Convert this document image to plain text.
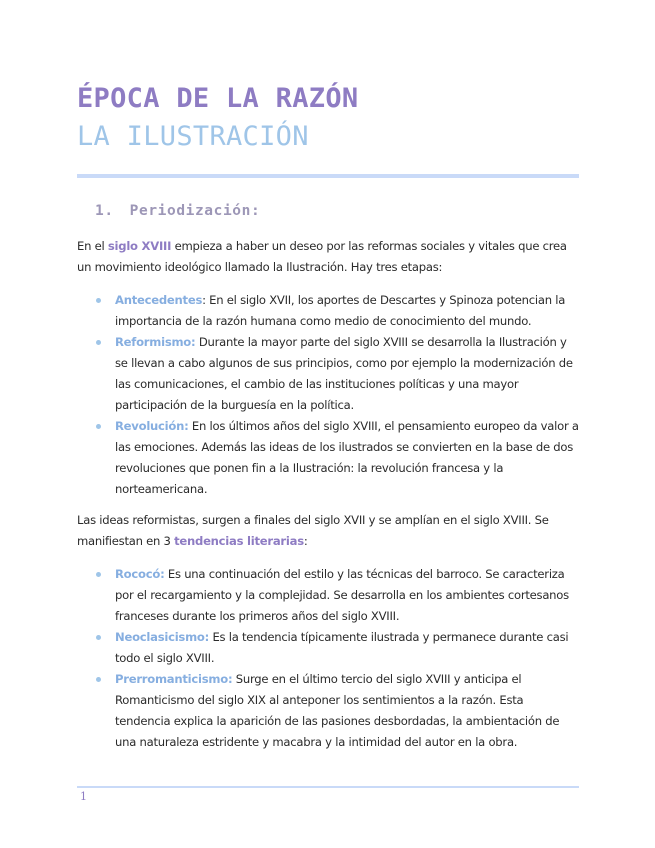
ÉPOCA DE LA RAZÓN
LA ILUSTRACIÓN
1. Periodización:

En el siglo XVIII empieza a haber un deseo por las reformas sociales y vitales que crea un movimiento ideológico llamado la Ilustración. Hay tres etapas:

Antecedentes: En el siglo XVII, los aportes de Descartes y Spinoza potencian la importancia de la razón humana como medio de conocimiento del mundo.
Reformismo: Durante la mayor parte del siglo XVIII se desarrolla la Ilustración y se llevan a cabo algunos de sus principios, como por ejemplo la modernización de las comunicaciones, el cambio de las instituciones políticas y una mayor participación de la burguesía en la política.
Revolución: En los últimos años del siglo XVIII, el pensamiento europeo da valor a las emociones. Además las ideas de los ilustrados se convierten en la base de dos revoluciones que ponen fin a la Ilustración: la revolución francesa y la norteamericana.

Las ideas reformistas, surgen a finales del siglo XVII y se amplían en el siglo XVIII. Se manifiestan en 3 tendencias literarias:

Rococó: Es una continuación del estilo y las técnicas del barroco. Se caracteriza por el recargamiento y la complejidad. Se desarrolla en los ambientes cortesanos franceses durante los primeros años del siglo XVIII.
Neoclasicismo: Es la tendencia típicamente ilustrada y permanece durante casi todo el siglo XVIII.
Prerromanticismo: Surge en el último tercio del siglo XVIII y anticipa el Romanticismo del siglo XIX al anteponer los sentimientos a la razón. Esta tendencia explica la aparición de las pasiones desbordadas, la ambientación de una naturaleza estridente y macabra y la intimidad del autor en la obra.

1
